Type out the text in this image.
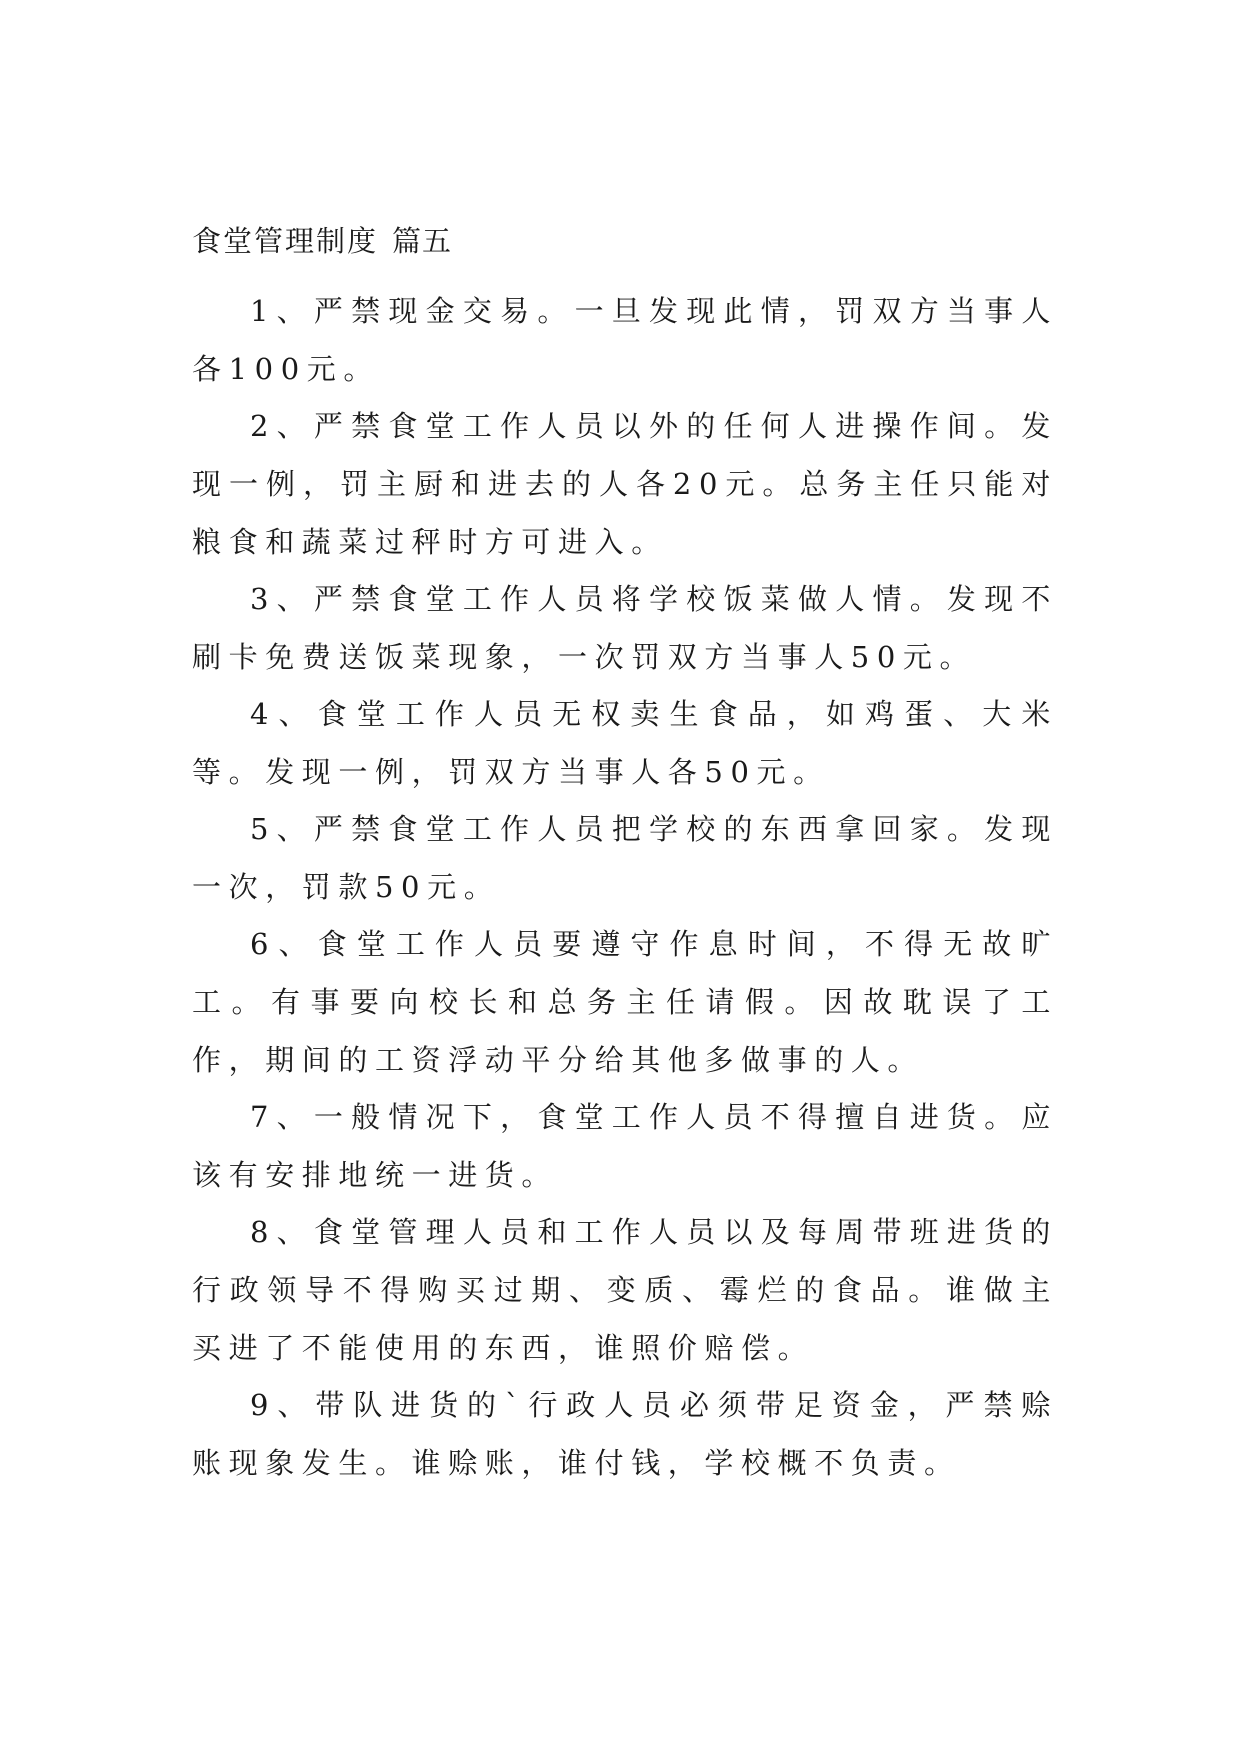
食堂管理制度 篇五
1、严禁现金交易。一旦发现此情，罚双方当事人各100元。
2、严禁食堂工作人员以外的任何人进操作间。发现一例，罚主厨和进去的人各20元。总务主任只能对粮食和蔬菜过秤时方可进入。
3、严禁食堂工作人员将学校饭菜做人情。发现不刷卡免费送饭菜现象，一次罚双方当事人50元。
4、食堂工作人员无权卖生食品，如鸡蛋、大米等。发现一例，罚双方当事人各50元。
5、严禁食堂工作人员把学校的东西拿回家。发现一次，罚款50元。
6、食堂工作人员要遵守作息时间，不得无故旷工。有事要向校长和总务主任请假。因故耽误了工作，期间的工资浮动平分给其他多做事的人。
7、一般情况下，食堂工作人员不得擅自进货。应该有安排地统一进货。
8、食堂管理人员和工作人员以及每周带班进货的行政领导不得购买过期、变质、霉烂的食品。谁做主买进了不能使用的东西，谁照价赔偿。
9、带队进货的`行政人员必须带足资金，严禁赊账现象发生。谁赊账，谁付钱，学校概不负责。
